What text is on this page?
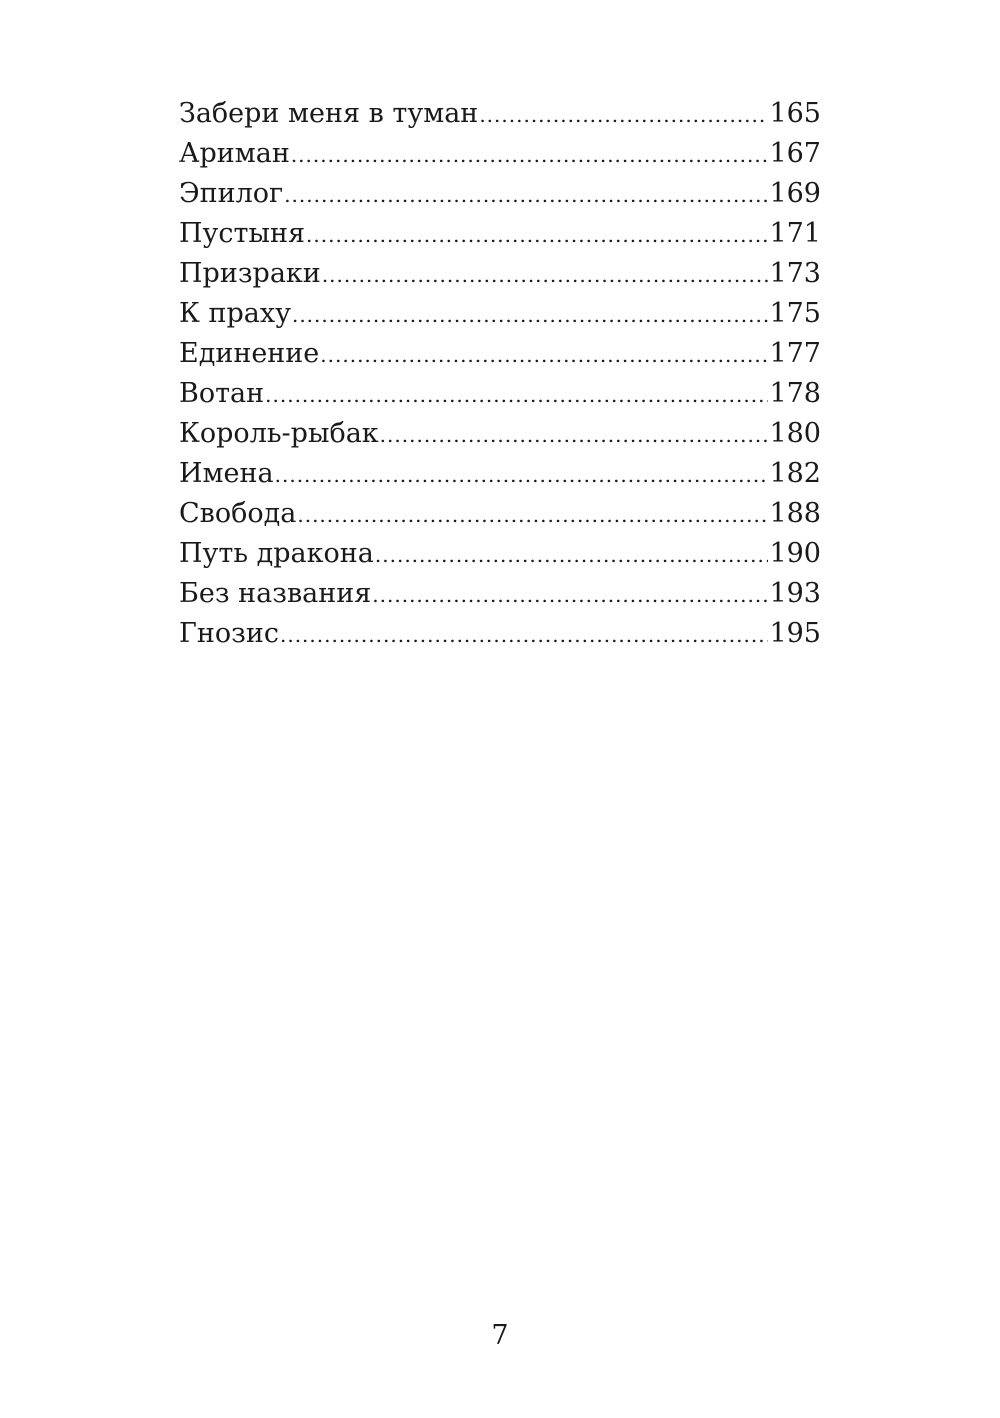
Забери меня в туман .....	165
Ариман .....	167
Эпилог .....	169
Пустыня .....	171
Призраки .....	173
К праху .....	175
Единение .....	177
Вотан .....	178
Король-рыбак .....	180
Имена .....	182
Свобода .....	188
Путь дракона .....	190
Без названия .....	193
Гнозис .....	195
7
